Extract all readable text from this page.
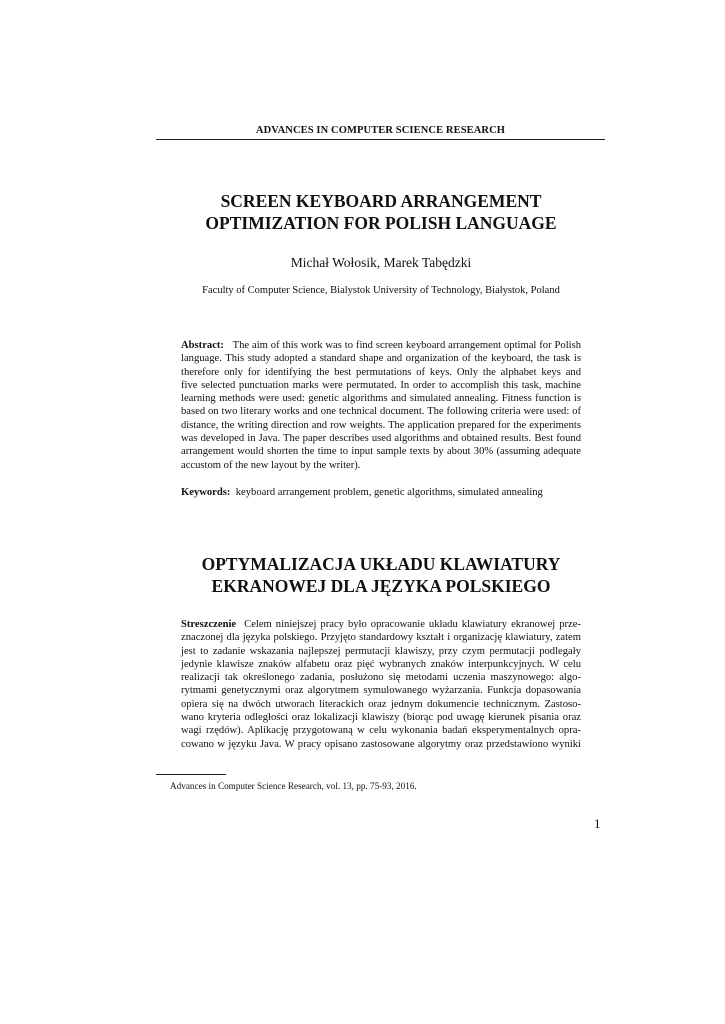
ADVANCES IN COMPUTER SCIENCE RESEARCH
SCREEN KEYBOARD ARRANGEMENT
OPTIMIZATION FOR POLISH LANGUAGE
Michał Wołosik, Marek Tabędzki
Faculty of Computer Science, Bialystok University of Technology, Białystok, Poland
Abstract: The aim of this work was to find screen keyboard arrangement optimal for Polish
language. This study adopted a standard shape and organization of the keyboard, the task is
therefore only for identifying the best permutations of keys. Only the alphabet keys and
five selected punctuation marks were permutated. In order to accomplish this task, machine
learning methods were used: genetic algorithms and simulated annealing. Fitness function is
based on two literary works and one technical document. The following criteria were used: of
distance, the writing direction and row weights. The application prepared for the experiments
was developed in Java. The paper describes used algorithms and obtained results. Best found
arrangement would shorten the time to input sample texts by about 30% (assuming adequate
accustom of the new layout by the writer).
Keywords: keyboard arrangement problem, genetic algorithms, simulated annealing
OPTYMALIZACJA UKŁADU KLAWIATURY
EKRANOWEJ DLA JĘZYKA POLSKIEGO
Streszczenie Celem niniejszej pracy było opracowanie układu klawiatury ekranowej prze-
znaczonej dla języka polskiego. Przyjęto standardowy kształt i organizację klawiatury, zatem
jest to zadanie wskazania najlepszej permutacji klawiszy, przy czym permutacji podlegały
jedynie klawisze znaków alfabetu oraz pięć wybranych znaków interpunkcyjnych. W celu
realizacji tak określonego zadania, posłużono się metodami uczenia maszynowego: algo-
rytmami genetycznymi oraz algorytmem symulowanego wyżarzania. Funkcja dopasowania
opiera się na dwóch utworach literackich oraz jednym dokumencie technicznym. Zastoso-
wano kryteria odległości oraz lokalizacji klawiszy (biorąc pod uwagę kierunek pisania oraz
wagi rzędów). Aplikację przygotowaną w celu wykonania badań eksperymentalnych opra-
cowano w języku Java. W pracy opisano zastosowane algorytmy oraz przedstawiono wyniki
Advances in Computer Science Research, vol. 13, pp. 75-93, 2016.
1
